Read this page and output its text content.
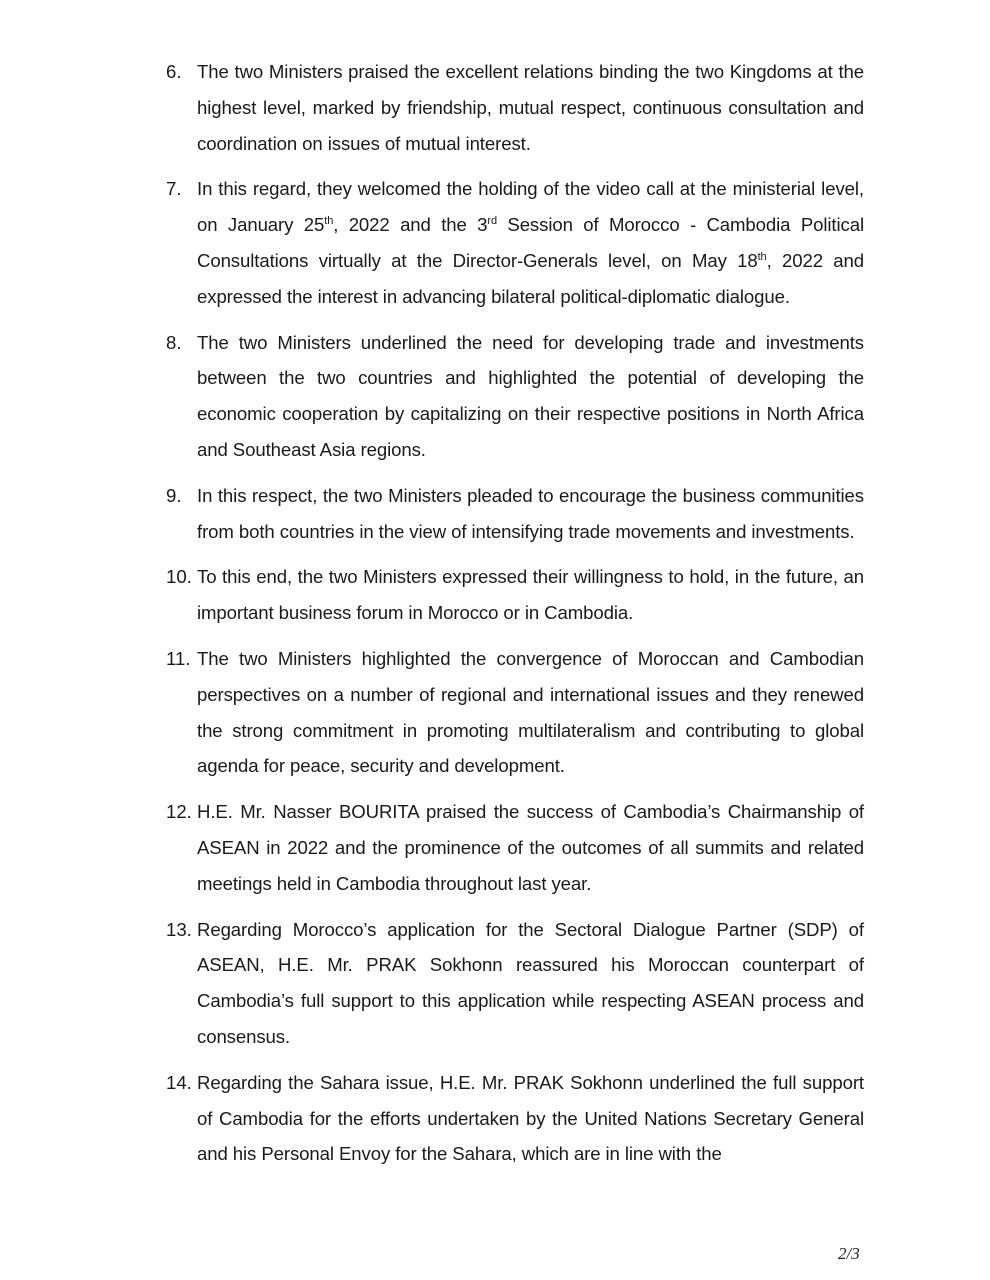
6. The two Ministers praised the excellent relations binding the two Kingdoms at the highest level, marked by friendship, mutual respect, continuous consultation and coordination on issues of mutual interest.
7. In this regard, they welcomed the holding of the video call at the ministerial level, on January 25th, 2022 and the 3rd Session of Morocco - Cambodia Political Consultations virtually at the Director-Generals level, on May 18th, 2022 and expressed the interest in advancing bilateral political-diplomatic dialogue.
8. The two Ministers underlined the need for developing trade and investments between the two countries and highlighted the potential of developing the economic cooperation by capitalizing on their respective positions in North Africa and Southeast Asia regions.
9. In this respect, the two Ministers pleaded to encourage the business communities from both countries in the view of intensifying trade movements and investments.
10. To this end, the two Ministers expressed their willingness to hold, in the future, an important business forum in Morocco or in Cambodia.
11. The two Ministers highlighted the convergence of Moroccan and Cambodian perspectives on a number of regional and international issues and they renewed the strong commitment in promoting multilateralism and contributing to global agenda for peace, security and development.
12. H.E. Mr. Nasser BOURITA praised the success of Cambodia’s Chairmanship of ASEAN in 2022 and the prominence of the outcomes of all summits and related meetings held in Cambodia throughout last year.
13. Regarding Morocco’s application for the Sectoral Dialogue Partner (SDP) of ASEAN, H.E. Mr. PRAK Sokhonn reassured his Moroccan counterpart of Cambodia’s full support to this application while respecting ASEAN process and consensus.
14. Regarding the Sahara issue, H.E. Mr. PRAK Sokhonn underlined the full support of Cambodia for the efforts undertaken by the United Nations Secretary General and his Personal Envoy for the Sahara, which are in line with the
2/3
